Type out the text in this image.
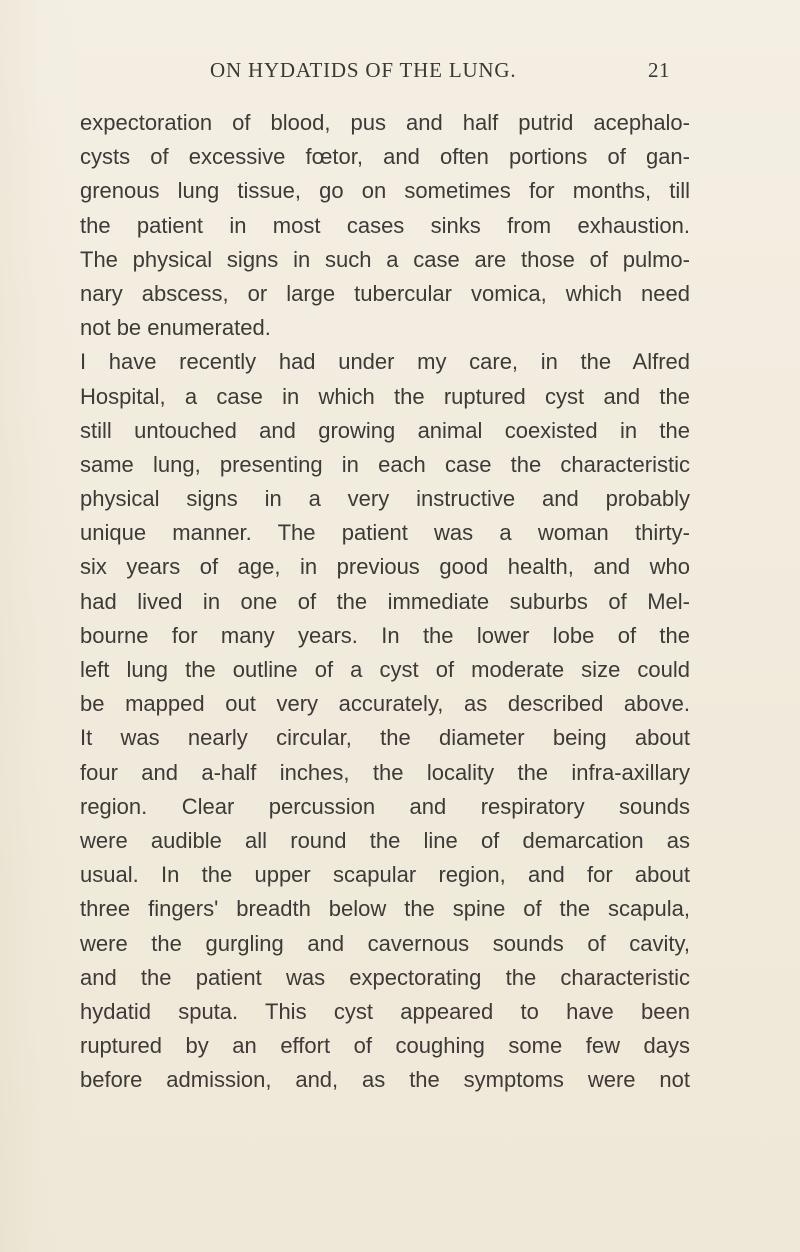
ON HYDATIDS OF THE LUNG.	21
expectoration of blood, pus and half putrid acephalo-
cysts of excessive fœtor, and often portions of gan-
grenous lung tissue, go on sometimes for months, till
the patient in most cases sinks from exhaustion.
The physical signs in such a case are those of pulmo-
nary abscess, or large tubercular vomica, which need
not be enumerated.
I have recently had under my care, in the Alfred
Hospital, a case in which the ruptured cyst and the
still untouched and growing animal coexisted in the
same lung, presenting in each case the characteristic
physical signs in a very instructive and probably
unique manner. The patient was a woman thirty-
six years of age, in previous good health, and who
had lived in one of the immediate suburbs of Mel-
bourne for many years. In the lower lobe of the
left lung the outline of a cyst of moderate size could
be mapped out very accurately, as described above.
It was nearly circular, the diameter being about
four and a-half inches, the locality the infra-axillary
region. Clear percussion and respiratory sounds
were audible all round the line of demarcation as
usual. In the upper scapular region, and for about
three fingers' breadth below the spine of the scapula,
were the gurgling and cavernous sounds of cavity,
and the patient was expectorating the characteristic
hydatid sputa. This cyst appeared to have been
ruptured by an effort of coughing some few days
before admission, and, as the symptoms were not
